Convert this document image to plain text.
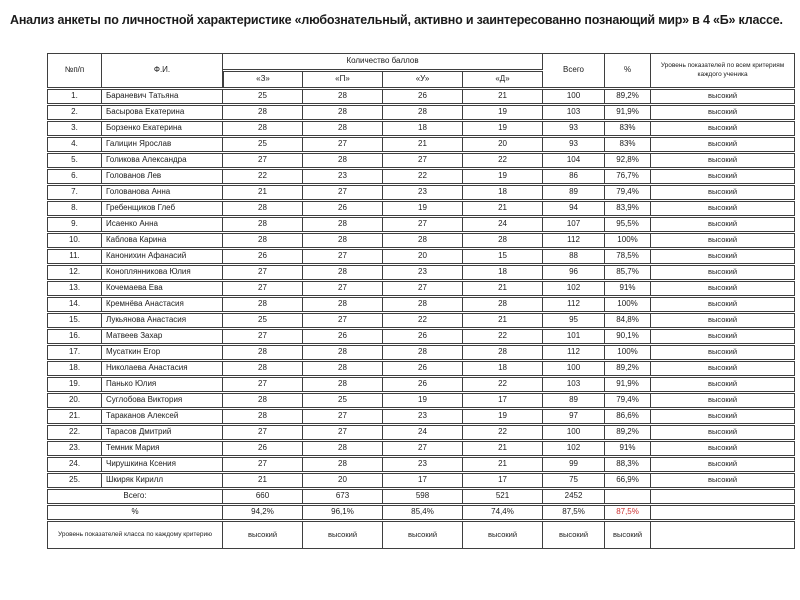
Анализ анкеты по личностной характеристике «любознательный, активно и заинтересованно познающий мир» в 4 «Б» классе.
№п/п	Ф.И.	Количество баллов				Всего	%	Уровень показателей по всем критериям каждого ученика
		«З»	«П»	«У»	«Д»			
1.	Бараневич Татьяна	25	28	26	21	100	89,2%	высокий
2.	Басырова Екатерина	28	28	28	19	103	91,9%	высокий
3.	Борзенко Екатерина	28	28	18	19	93	83%	высокий
4.	Галицин Ярослав	25	27	21	20	93	83%	высокий
5.	Голикова Александра	27	28	27	22	104	92,8%	высокий
6.	Голованов Лев	22	23	22	19	86	76,7%	высокий
7.	Голованова Анна	21	27	23	18	89	79,4%	высокий
8.	Гребенщиков Глеб	28	26	19	21	94	83,9%	высокий
9.	Исаенко Анна	28	28	27	24	107	95,5%	высокий
10.	Каблова Карина	28	28	28	28	112	100%	высокий
11.	Канонихин Афанасий	26	27	20	15	88	78,5%	высокий
12.	Коноплянникова Юлия	27	28	23	18	96	85,7%	высокий
13.	Кочемаева Ева	27	27	27	21	102	91%	высокий
14.	Кремнёва Анастасия	28	28	28	28	112	100%	высокий
15.	Лукьянова Анастасия	25	27	22	21	95	84,8%	высокий
16.	Матвеев Захар	27	26	26	22	101	90,1%	высокий
17.	Мусаткин Егор	28	28	28	28	112	100%	высокий
18.	Николаева Анастасия	28	28	26	18	100	89,2%	высокий
19.	Панько Юлия	27	28	26	22	103	91,9%	высокий
20.	Суглобова Виктория	28	25	19	17	89	79,4%	высокий
21.	Тараканов Алексей	28	27	23	19	97	86,6%	высокий
22.	Тарасов Дмитрий	27	27	24	22	100	89,2%	высокий
23.	Темник Мария	26	28	27	21	102	91%	высокий
24.	Чирушкина Ксения	27	28	23	21	99	88,3%	высокий
25.	Шкиряк Кирилл	21	20	17	17	75	66,9%	высокий
Всего:		660	673	598	521	2452		
%		94,2%	96,1%	85,4%	74,4%	87,5%	87,5%	
Уровень показателей класса по каждому критерию		высокий	высокий	высокий	высокий	высокий	высокий	
